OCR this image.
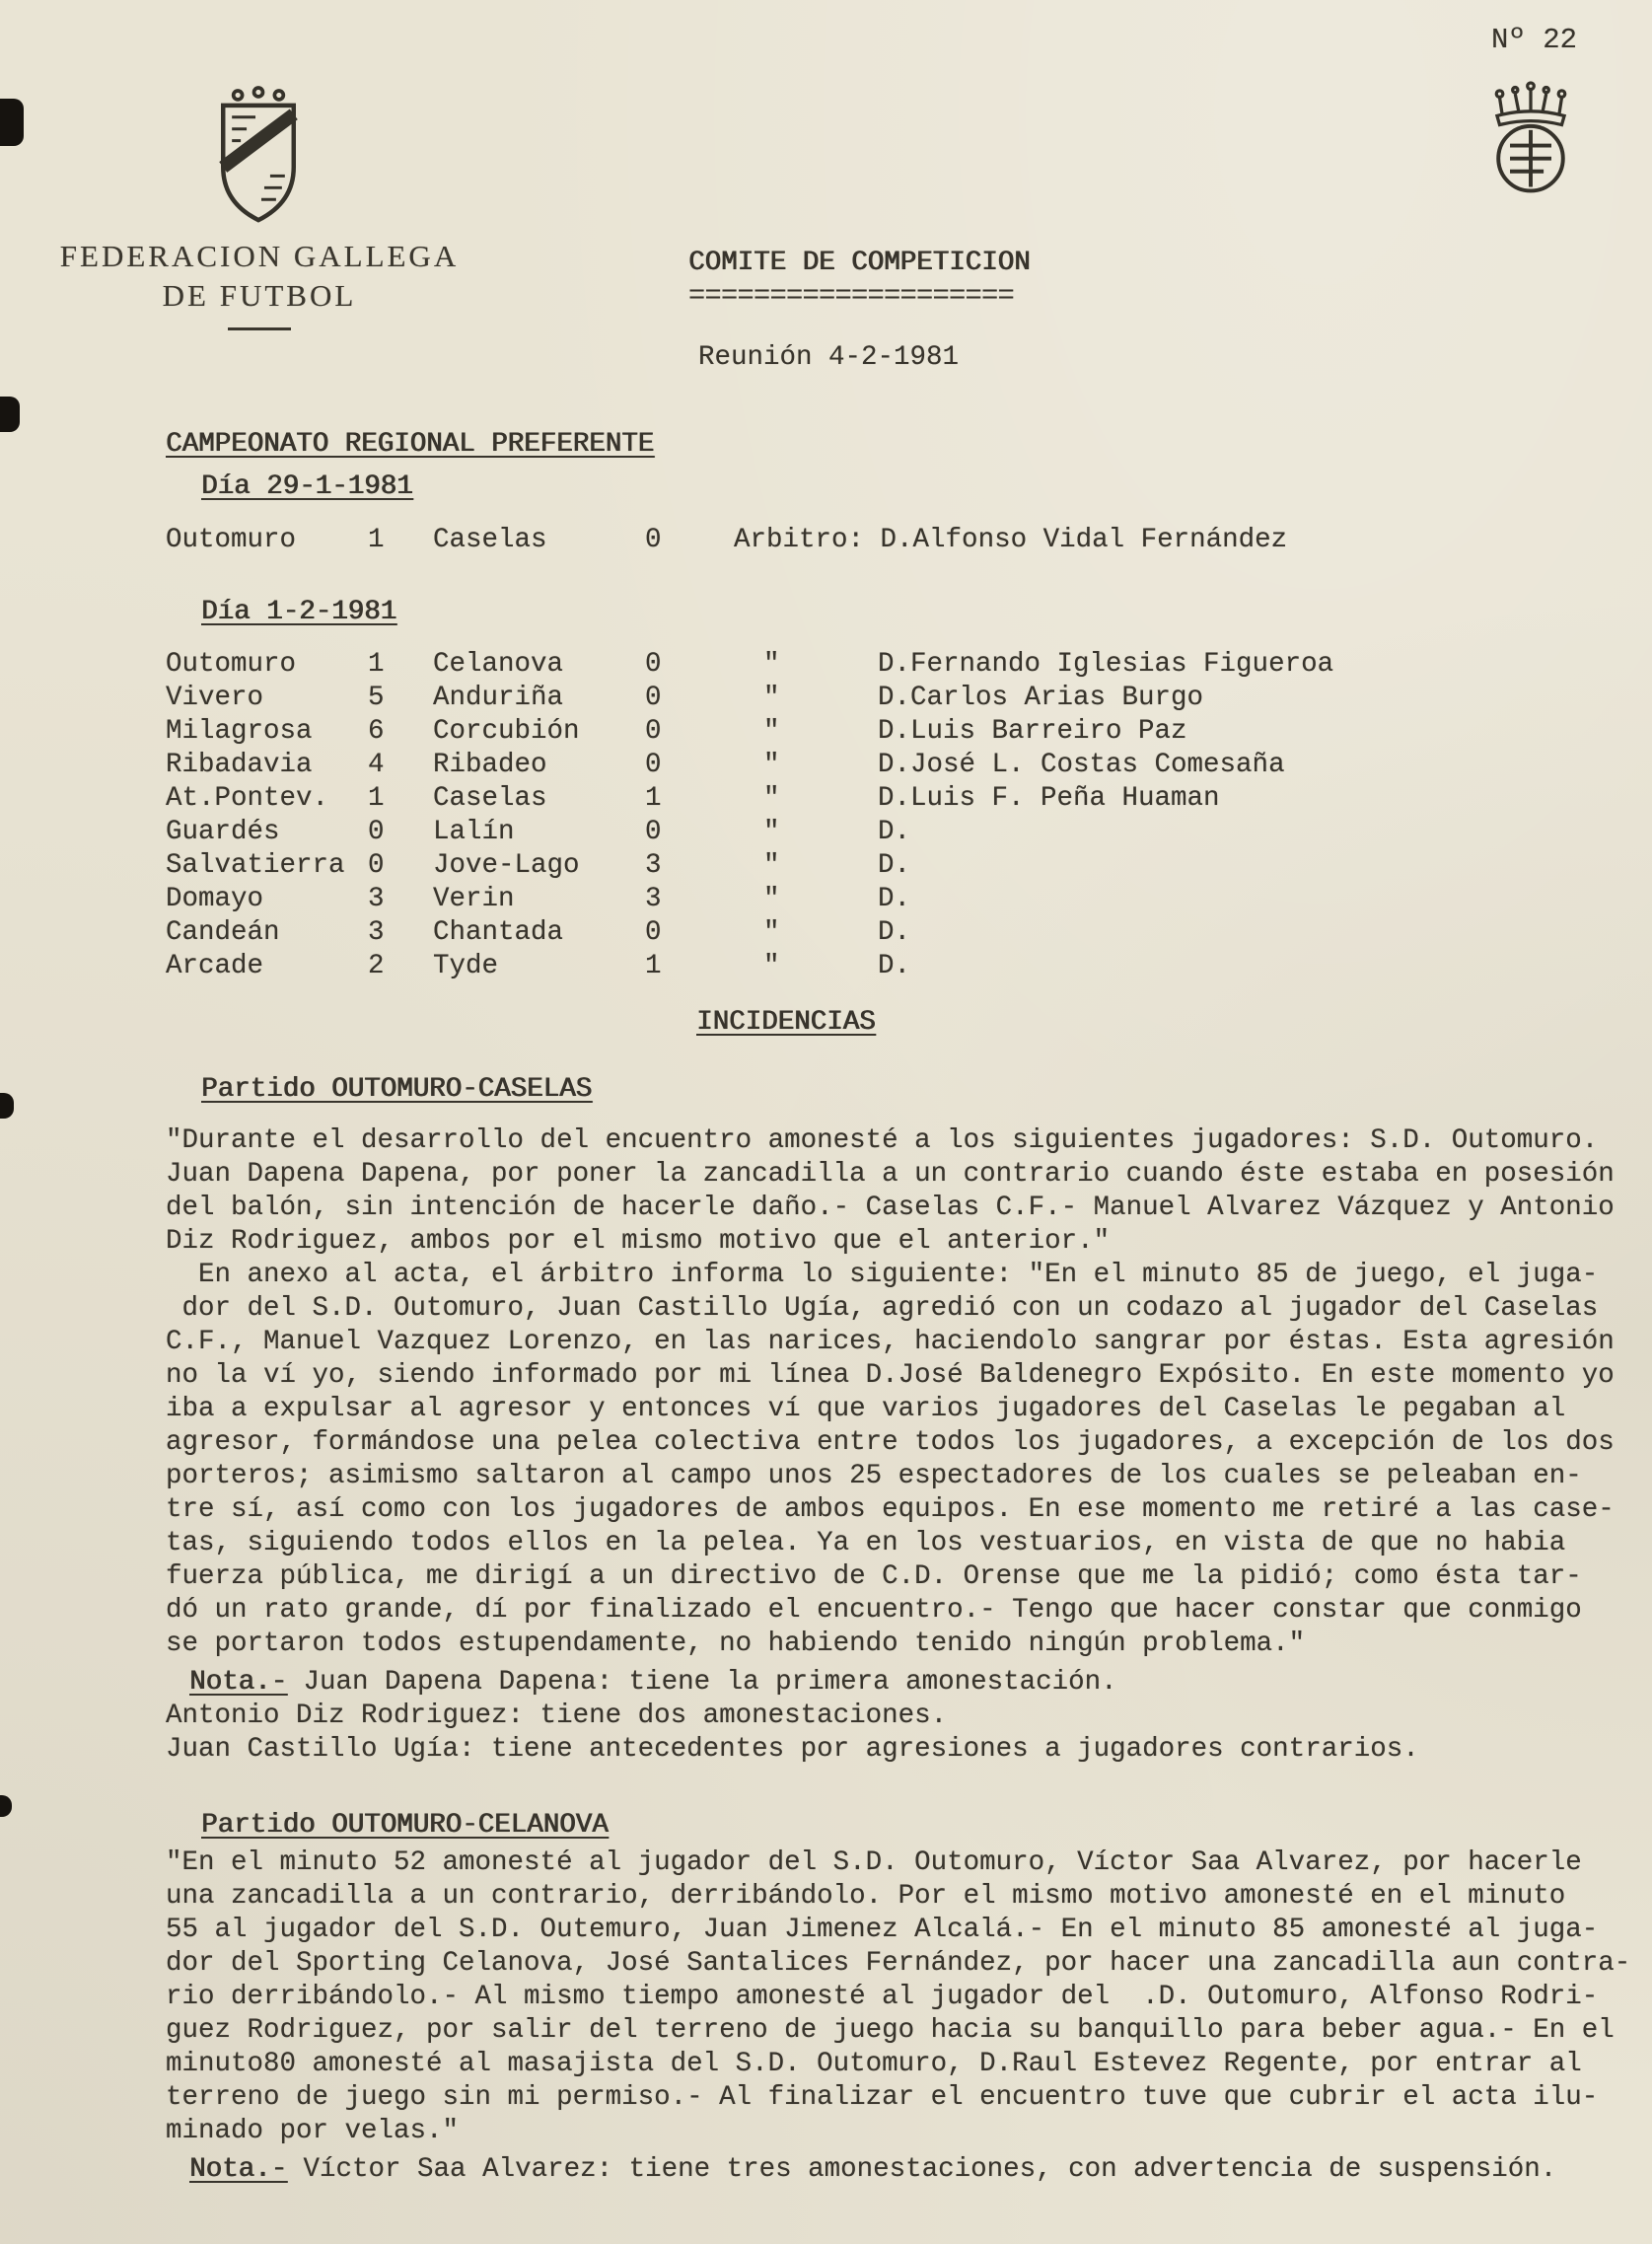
Nº 22
FEDERACION GALLEGA
DE FUTBOL
COMITE DE COMPETICION
====================
Reunión 4-2-1981
CAMPEONATO REGIONAL PREFERENTE
Día 29-1-1981
Outomuro	1	Caselas	0	Arbitro: D.Alfonso Vidal Fernández
Día 1-2-1981
Outomuro	1	Celanova	0	"	D.Fernando Iglesias Figueroa
Vivero	5	Anduriña	0	"	D.Carlos Arias Burgo
Milagrosa	6	Corcubión	0	"	D.Luis Barreiro Paz
Ribadavia	4	Ribadeo	0	"	D.José L. Costas Comesaña
At.Pontev.	1	Caselas	1	"	D.Luis F. Peña Huaman
Guardés	0	Lalín	0	"	D.
Salvatierra 0	Jove-Lago	3	"	D.
Domayo	3	Verin	3	"	D.
Candeán	3	Chantada	0	"	D.
Arcade	2	Tyde	1	"	D.
INCIDENCIAS
Partido OUTOMURO-CASELAS
"Durante el desarrollo del encuentro amonesté a los siguientes jugadores: S.D. Outomuro.
Juan Dapena Dapena, por poner la zancadilla a un contrario cuando éste estaba en posesión
del balón, sin intención de hacerle daño.- Caselas C.F.- Manuel Alvarez Vázquez y Antonio
Diz Rodriguez, ambos por el mismo motivo que el anterior."
En anexo al acta, el árbitro informa lo siguiente: "En el minuto 85 de juego, el juga-
dor del S.D. Outomuro, Juan Castillo Ugía, agredió con un codazo al jugador del Caselas
C.F., Manuel Vazquez Lorenzo, en las narices, haciendolo sangrar por éstas. Esta agresión
no la ví yo, siendo informado por mi línea D.José Baldenegro Expósito. En este momento yo
iba a expulsar al agresor y entonces ví que varios jugadores del Caselas le pegaban al
agresor, formándose una pelea colectiva entre todos los jugadores, a excepción de los dos
porteros; asimismo saltaron al campo unos 25 espectadores de los cuales se peleaban en-
tre sí, así como con los jugadores de ambos equipos. En ese momento me retiré a las case-
tas, siguiendo todos ellos en la pelea. Ya en los vestuarios, en vista de que no habia
fuerza pública, me dirigí a un directivo de C.D. Orense que me la pidió; como ésta tar-
dó un rato grande, dí por finalizado el encuentro.- Tengo que hacer constar que conmigo
se portaron todos estupendamente, no habiendo tenido ningún problema."
Nota.- Juan Dapena Dapena: tiene la primera amonestación.
Antonio Diz Rodriguez: tiene dos amonestaciones.
Juan Castillo Ugía: tiene antecedentes por agresiones a jugadores contrarios.
Partido OUTOMURO-CELANOVA
"En el minuto 52 amonesté al jugador del S.D. Outomuro, Víctor Saa Alvarez, por hacerle
una zancadilla a un contrario, derribándolo. Por el mismo motivo amonesté en el minuto
55 al jugador del S.D. Outemuro, Juan Jimenez Alcalá.- En el minuto 85 amonesté al juga-
dor del Sporting Celanova, José Santalices Fernández, por hacer una zancadilla aun contra-
rio derribándolo.- Al mismo tiempo amonesté al jugador del  .D. Outomuro, Alfonso Rodri-
guez Rodriguez, por salir del terreno de juego hacia su banquillo para beber agua.- En el
minuto80 amonesté al masajista del S.D. Outomuro, D.Raul Estevez Regente, por entrar al
terreno de juego sin mi permiso.- Al finalizar el encuentro tuve que cubrir el acta ilu-
minado por velas."
Nota.- Víctor Saa Alvarez: tiene tres amonestaciones, con advertencia de suspensión.
